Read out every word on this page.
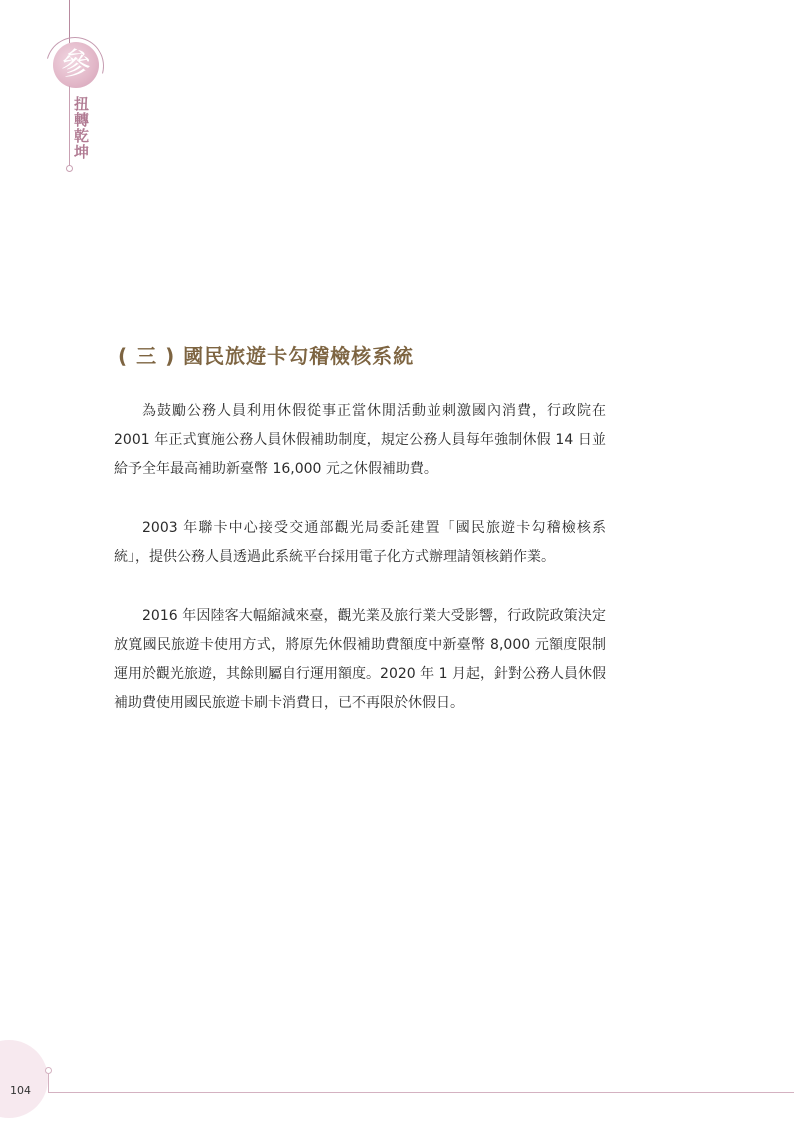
參
扭轉乾坤
( 三 ) 國民旅遊卡勾稽檢核系統

為鼓勵公務人員利用休假從事正當休閒活動並刺激國內消費，行政院在 2001 年正式實施公務人員休假補助制度，規定公務人員每年強制休假 14 日並給予全年最高補助新臺幣 16,000 元之休假補助費。

2003 年聯卡中心接受交通部觀光局委託建置「國民旅遊卡勾稽檢核系統」，提供公務人員透過此系統平台採用電子化方式辦理請領核銷作業。

2016 年因陸客大幅縮減來臺，觀光業及旅行業大受影響，行政院政策決定放寬國民旅遊卡使用方式，將原先休假補助費額度中新臺幣 8,000 元額度限制運用於觀光旅遊，其餘則屬自行運用額度。2020 年 1 月起，針對公務人員休假補助費使用國民旅遊卡刷卡消費日，已不再限於休假日。

104
